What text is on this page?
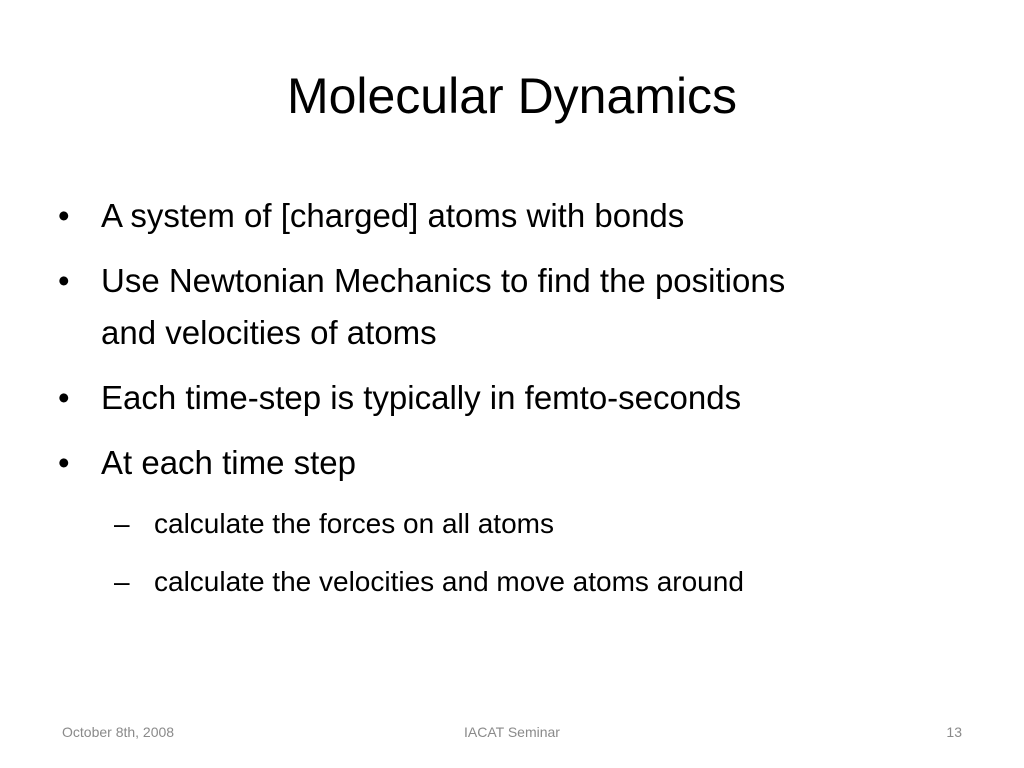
Molecular Dynamics
• A system of [charged] atoms with bonds
• Use Newtonian Mechanics to find the positions and velocities of atoms
• Each time-step is typically in femto-seconds
• At each time step
– calculate the forces on all atoms
– calculate the velocities and move atoms around
October 8th, 2008	IACAT Seminar	13
